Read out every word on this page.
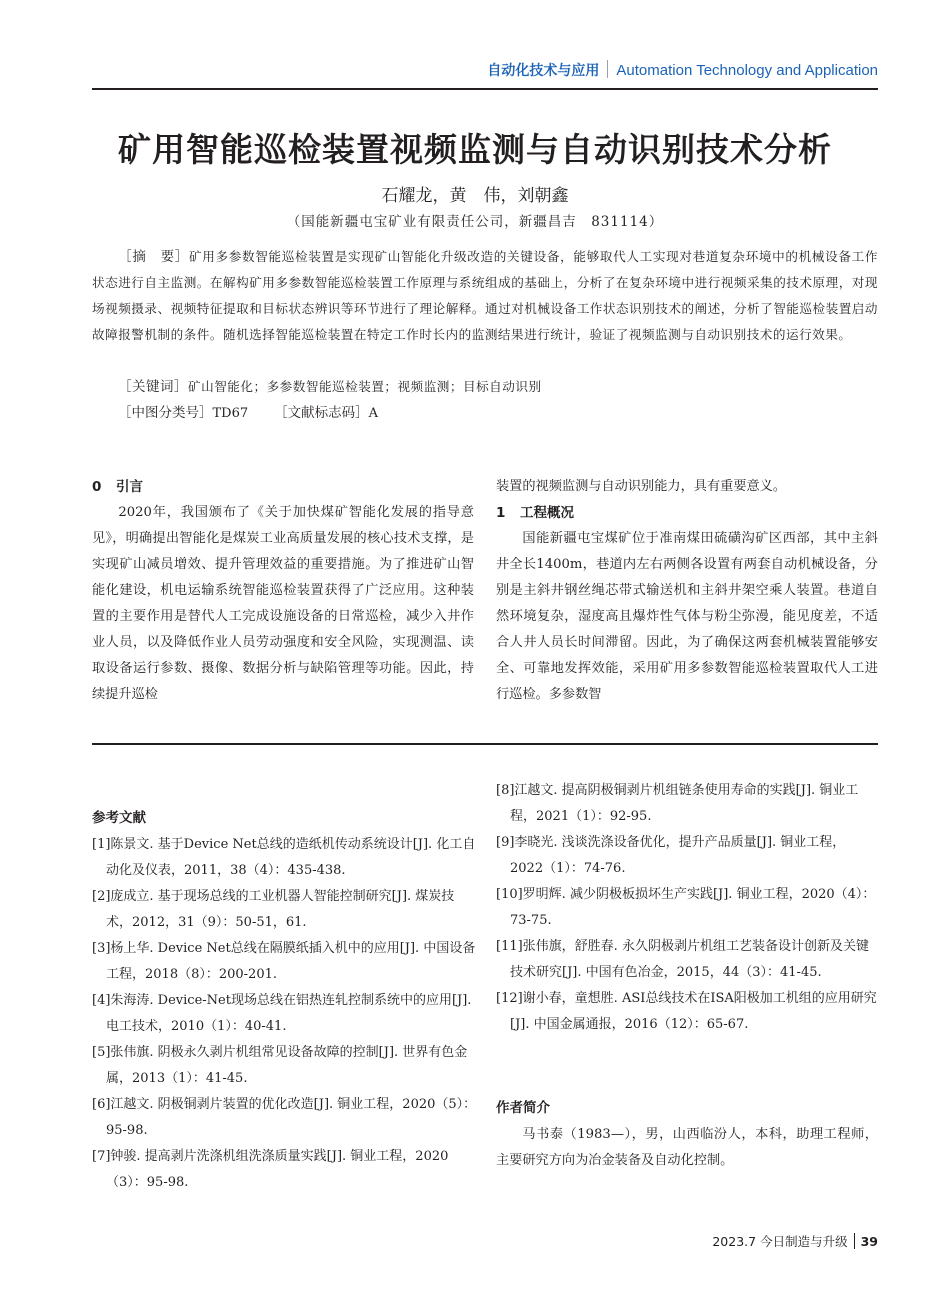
自动化技术与应用 Automation Technology and Application
矿用智能巡检装置视频监测与自动识别技术分析
石耀龙，黄　伟，刘朝鑫
（国能新疆屯宝矿业有限责任公司，新疆昌吉　831114）
［摘　要］矿用多参数智能巡检装置是实现矿山智能化升级改造的关键设备，能够取代人工实现对巷道复杂环境中的机械设备工作状态进行自主监测。在解构矿用多参数智能巡检装置工作原理与系统组成的基础上，分析了在复杂环境中进行视频采集的技术原理，对现场视频摄录、视频特征提取和目标状态辨识等环节进行了理论解释。通过对机械设备工作状态识别技术的阐述，分析了智能巡检装置启动故障报警机制的条件。随机选择智能巡检装置在特定工作时长内的监测结果进行统计，验证了视频监测与自动识别技术的运行效果。
［关键词］矿山智能化；多参数智能巡检装置；视频监测；目标自动识别
［中图分类号］TD67 ［文献标志码］A
0 引言

2020年，我国颁布了《关于加快煤矿智能化发展的指导意见》，明确提出智能化是煤炭工业高质量发展的核心技术支撑，是实现矿山减员增效、提升管理效益的重要措施。为了推进矿山智能化建设，机电运输系统智能巡检装置获得了广泛应用。这种装置的主要作用是替代人工完成设施设备的日常巡检，减少入井作业人员，以及降低作业人员劳动强度和安全风险，实现测温、读取设备运行参数、摄像、数据分析与缺陷管理等功能。因此，持续提升巡检

装置的视频监测与自动识别能力，具有重要意义。

1 工程概况

国能新疆屯宝煤矿位于准南煤田硫磺沟矿区西部，其中主斜井全长1400m，巷道内左右两侧各设置有两套自动机械设备，分别是主斜井钢丝绳芯带式输送机和主斜井架空乘人装置。巷道自然环境复杂，湿度高且爆炸性气体与粉尘弥漫，能见度差，不适合人井人员长时间滞留。因此，为了确保这两套机械装置能够安全、可靠地发挥效能，采用矿用多参数智能巡检装置取代人工进行巡检。多参数智

参考文献

[1]陈景文. 基于Device Net总线的造纸机传动系统设计[J]. 化工自动化及仪表，2011，38（4）：435-438.

[2]庞成立. 基于现场总线的工业机器人智能控制研究[J]. 煤炭技术，2012，31（9）：50-51，61.

[3]杨上华. Device Net总线在隔膜纸插入机中的应用[J]. 中国设备工程，2018（8）：200-201.

[4]朱海涛. Device-Net现场总线在铝热连轧控制系统中的应用[J]. 电工技术，2010（1）：40-41.

[5]张伟旗. 阴极永久剥片机组常见设备故障的控制[J]. 世界有色金属，2013（1）：41-45.

[6]江越文. 阴极铜剥片装置的优化改造[J]. 铜业工程，2020（5）：95-98.

[7]钟骏. 提高剥片洗涤机组洗涤质量实践[J]. 铜业工程，2020（3）：95-98.

[8]江越文. 提高阴极铜剥片机组链条使用寿命的实践[J]. 铜业工程，2021（1）：92-95.

[9]李晓光. 浅谈洗涤设备优化，提升产品质量[J]. 铜业工程，2022（1）：74-76.

[10]罗明辉. 减少阴极板损坏生产实践[J]. 铜业工程，2020（4）：73-75.

[11]张伟旗，舒胜春. 永久阴极剥片机组工艺装备设计创新及关键技术研究[J]. 中国有色冶金，2015，44（3）：41-45.

[12]谢小春，童想胜. ASI总线技术在ISA阳极加工机组的应用研究[J]. 中国金属通报，2016（12）：65-67.

作者简介

马书泰（1983—），男，山西临汾人，本科，助理工程师，主要研究方向为冶金装备及自动化控制。

2023.7 今日制造与升级 39
